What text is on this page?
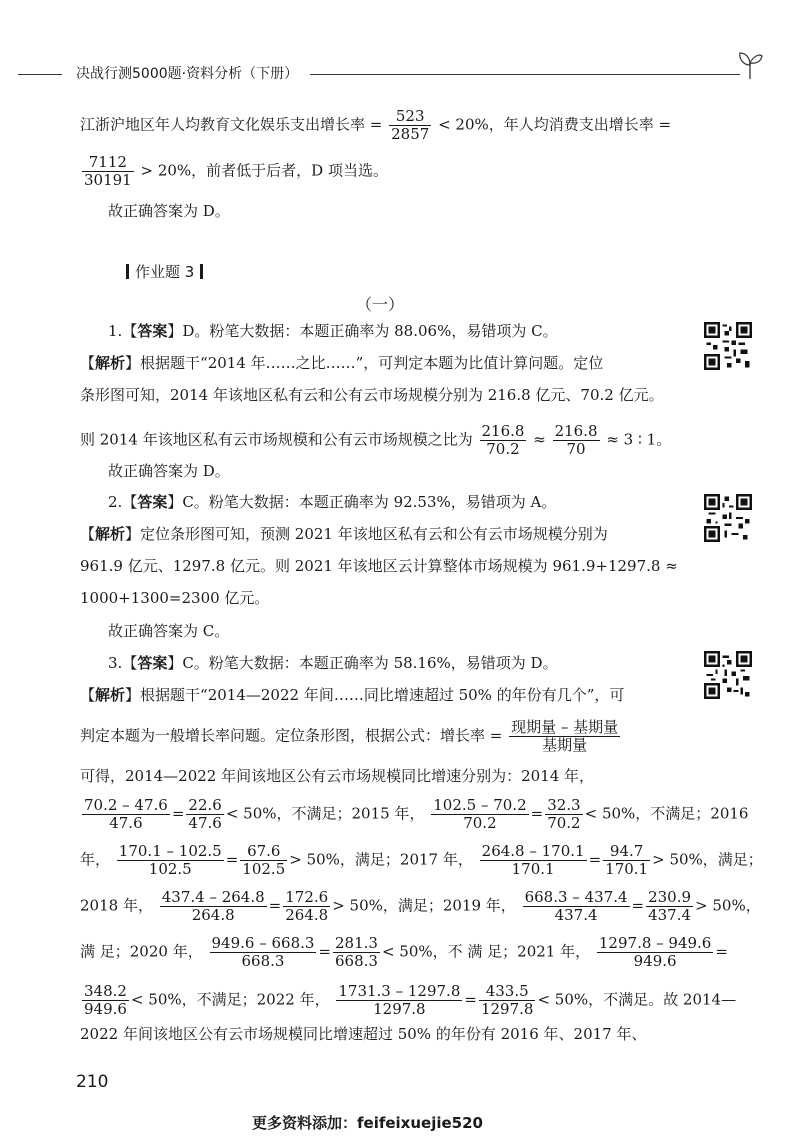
决战行测5000题·资料分析（下册）
江浙沪地区年人均教育文化娱乐支出增长率 = $\frac{523}{2857} < 20\%$，年人均消费支出增长率 =
$\frac{7112}{30191} > 20\%$，前者低于后者，D 项当选。
故正确答案为 D。
作业题 3
（一）
1.【答案】D。粉笔大数据：本题正确率为 88.06%，易错项为 C。
【解析】根据题干“2014 年……之比……”，可判定本题为比值计算问题。定位
条形图可知，2014 年该地区私有云和公有云市场规模分别为 216.8 亿元、70.2 亿元。
则 2014 年该地区私有云市场规模和公有云市场规模之比为 $\frac{216.8}{70.2} \approx \frac{216.8}{70} \approx 3$ ∶ 1。
故正确答案为 D。
2.【答案】C。粉笔大数据：本题正确率为 92.53%，易错项为 A。
【解析】定位条形图可知，预测 2021 年该地区私有云和公有云市场规模分别为
961.9 亿元、1297.8 亿元。则 2021 年该地区云计算整体市场规模为 961.9+1297.8 ≈
1000+1300=2300 亿元。
故正确答案为 C。
3.【答案】C。粉笔大数据：本题正确率为 58.16%，易错项为 D。
【解析】根据题干“2014—2022 年间……同比增速超过 50% 的年份有几个”，可
判定本题为一般增长率问题。定位条形图，根据公式：增长率 = $\frac{\text{现期量 – 基期量}}{\text{基期量}}$
可得，2014—2022 年间该地区公有云市场规模同比增速分别为：2014 年，
$\frac{70.2 - 47.6}{47.6} = \frac{22.6}{47.6} < 50\%$，不满足；2015 年， $\frac{102.5 - 70.2}{70.2} = \frac{32.3}{70.2} < 50\%$，不满足；2016
年， $\frac{170.1 - 102.5}{102.5} = \frac{67.6}{102.5} > 50\%$，满足；2017 年， $\frac{264.8 - 170.1}{170.1} = \frac{94.7}{170.1} > 50\%$，满足；
2018 年， $\frac{437.4 - 264.8}{264.8} = \frac{172.6}{264.8} > 50\%$，满足；2019 年， $\frac{668.3 - 437.4}{437.4} = \frac{230.9}{437.4} > 50\%$，
满 足；2020 年， $\frac{949.6 - 668.3}{668.3} = \frac{281.3}{668.3} < 50\%$，不 满 足；2021 年， $\frac{1297.8 - 949.6}{949.6}$ =
$\frac{348.2}{949.6} < 50\%$，不满足；2022 年， $\frac{1731.3 - 1297.8}{1297.8} = \frac{433.5}{1297.8} < 50\%$，不满足。故 2014—
2022 年间该地区公有云市场规模同比增速超过 50% 的年份有 2016 年、2017 年、
210
更多资料添加：feifeixuejie520
